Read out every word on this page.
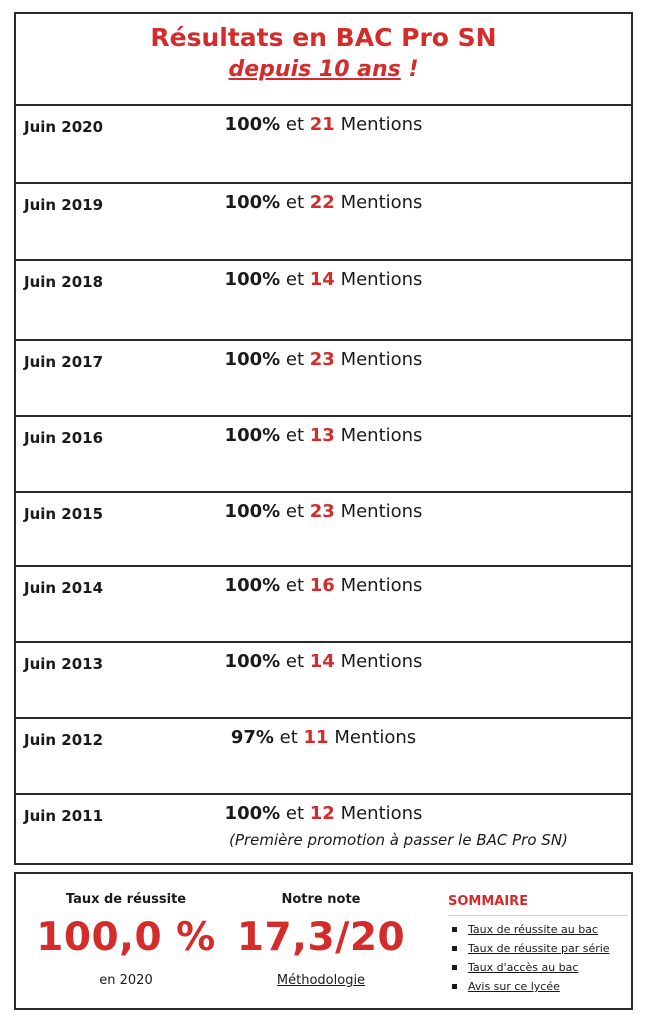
Résultats en BAC Pro SN
depuis 10 ans !
Juin 2020	100% et 21 Mentions
Juin 2019	100% et 22 Mentions
Juin 2018	100% et 14 Mentions
Juin 2017	100% et 23 Mentions
Juin 2016	100% et 13 Mentions
Juin 2015	100% et 23 Mentions
Juin 2014	100% et 16 Mentions
Juin 2013	100% et 14 Mentions
Juin 2012	97% et 11 Mentions
Juin 2011	100% et 12 Mentions
(Première promotion à passer le BAC Pro SN)
Taux de réussite
100,0 %
en 2020
Notre note
17,3/20
Méthodologie
SOMMAIRE
Taux de réussite au bac
Taux de réussite par série
Taux d'accès au bac
Avis sur ce lycée
